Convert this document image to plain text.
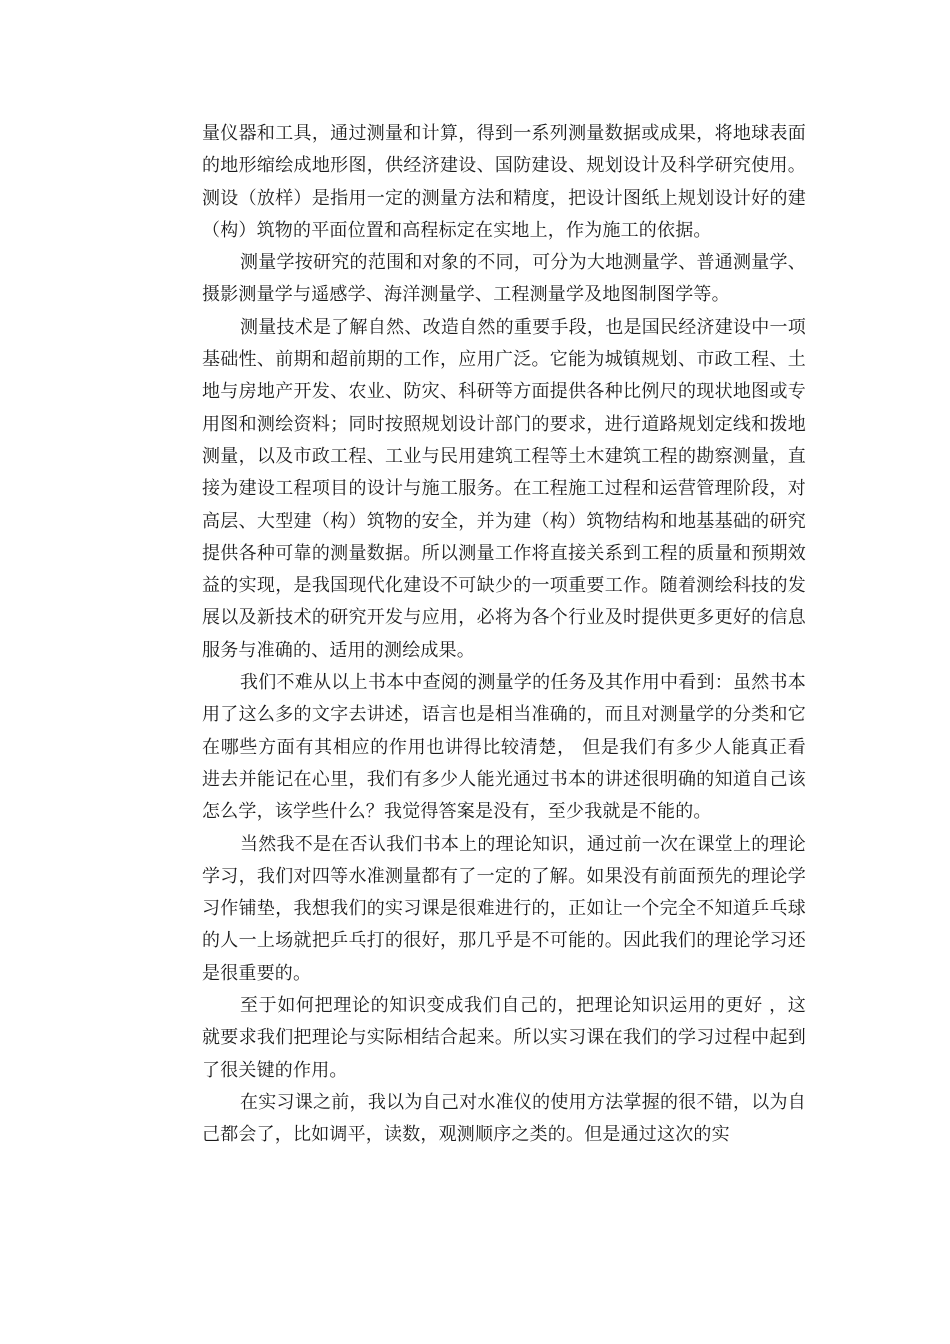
量仪器和工具，通过测量和计算，得到一系列测量数据或成果，将地球表面的地形缩绘成地形图，供经济建设、国防建设、规划设计及科学研究使用。测设（放样）是指用一定的测量方法和精度，把设计图纸上规划设计好的建（构）筑物的平面位置和高程标定在实地上，作为施工的依据。

测量学按研究的范围和对象的不同，可分为大地测量学、普通测量学、摄影测量学与遥感学、海洋测量学、工程测量学及地图制图学等。

测量技术是了解自然、改造自然的重要手段，也是国民经济建设中一项基础性、前期和超前期的工作，应用广泛。它能为城镇规划、市政工程、土地与房地产开发、农业、防灾、科研等方面提供各种比例尺的现状地图或专用图和测绘资料；同时按照规划设计部门的要求，进行道路规划定线和拨地测量，以及市政工程、工业与民用建筑工程等土木建筑工程的勘察测量，直接为建设工程项目的设计与施工服务。在工程施工过程和运营管理阶段，对高层、大型建（构）筑物的安全，并为建（构）筑物结构和地基基础的研究提供各种可靠的测量数据。所以测量工作将直接关系到工程的质量和预期效益的实现，是我国现代化建设不可缺少的一项重要工作。随着测绘科技的发展以及新技术的研究开发与应用，必将为各个行业及时提供更多更好的信息服务与准确的、适用的测绘成果。

我们不难从以上书本中查阅的测量学的任务及其作用中看到：虽然书本用了这么多的文字去讲述，语言也是相当准确的，而且对测量学的分类和它在哪些方面有其相应的作用也讲得比较清楚， 但是我们有多少人能真正看进去并能记在心里，我们有多少人能光通过书本的讲述很明确的知道自己该怎么学，该学些什么？我觉得答案是没有，至少我就是不能的。

当然我不是在否认我们书本上的理论知识，通过前一次在课堂上的理论学习，我们对四等水准测量都有了一定的了解。如果没有前面预先的理论学习作铺垫，我想我们的实习课是很难进行的，正如让一个完全不知道乒乓球的人一上场就把乒乓打的很好，那几乎是不可能的。因此我们的理论学习还是很重要的。

至于如何把理论的知识变成我们自己的，把理论知识运用的更好 ，这就要求我们把理论与实际相结合起来。所以实习课在我们的学习过程中起到了很关键的作用。

在实习课之前，我以为自己对水准仪的使用方法掌握的很不错，以为自己都会了，比如调平，读数，观测顺序之类的。但是通过这次的实
